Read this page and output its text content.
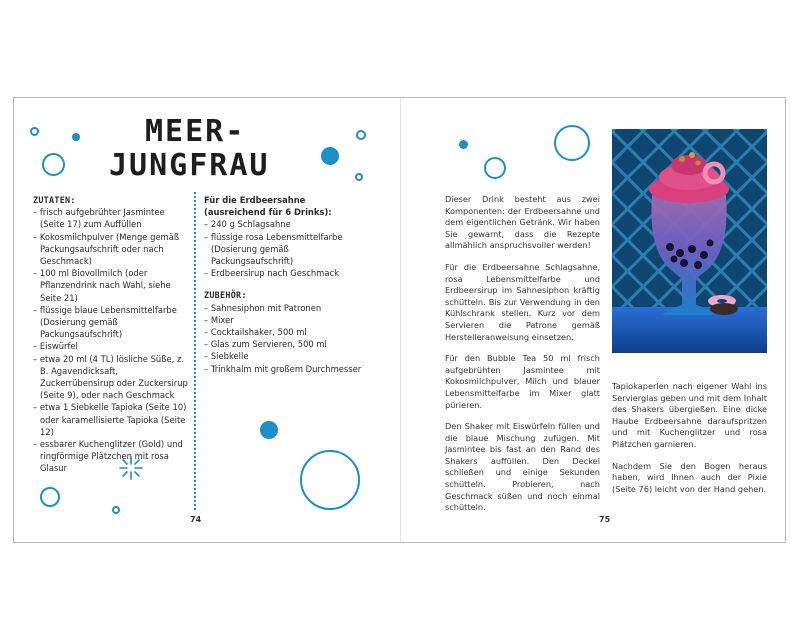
MEER-
JUNGFRAU
ZUTATEN:
– frisch aufgebrühter Jasmintee (Seite 17) zum Auffüllen
– Kokosmilchpulver (Menge gemäß Packungsaufschrift oder nach Geschmack)
– 100 ml Biovollmilch (oder Pflanzendrink nach Wahl, siehe Seite 21)
– flüssige blaue Lebensmittelfarbe (Dosierung gemäß Packungsaufschrift)
– Eiswürfel
– etwa 20 ml (4 TL) lösliche Süße, z. B. Agavendicksaft, Zuckerrübensirup oder Zuckersirup (Seite 9), oder nach Geschmack
– etwa 1 Siebkelle Tapioka (Seite 10) oder karamellisierte Tapioka (Seite 12)
– essbarer Kuchenglitzer (Gold) und ringförmige Plätzchen mit rosa Glasur
Für die Erdbeersahne (ausreichend für 6 Drinks):
– 240 g Schlagsahne
– flüssige rosa Lebensmittelfarbe (Dosierung gemäß Packungsaufschrift)
– Erdbeersirup nach Geschmack
ZUBEHÖR:
– Sahnesiphon mit Patronen
– Mixer
– Cocktailshaker, 500 ml
– Glas zum Servieren, 500 ml
– Siebkelle
– Trinkhalm mit großem Durchmesser
74

Dieser Drink besteht aus zwei Komponenten: der Erdbeersahne und dem eigentlichen Getränk. Wir haben Sie gewarnt, dass die Rezepte allmählich anspruchsvoller werden!

Für die Erdbeersahne Schlagsahne, rosa Lebensmittelfarbe und Erdbeersirup im Sahnesiphon kräftig schütteln. Bis zur Verwendung in den Kühlschrank stellen. Kurz vor dem Servieren die Patrone gemäß Herstelleranweisung einsetzen.

Für den Bubble Tea 50 ml frisch aufgebrühten Jasmintee mit Kokosmilchpulver, Milch und blauer Lebensmittelfarbe im Mixer glatt pürieren.

Den Shaker mit Eiswürfeln füllen und die blaue Mischung zufügen. Mit Jasmintee bis fast an den Rand des Shakers auffüllen. Den Deckel schließen und einige Sekunden schütteln. Probieren, nach Geschmack süßen und noch einmal schütteln.

Tapiokaperlen nach eigener Wahl ins Servierglas geben und mit dem Inhalt des Shakers übergießen. Eine dicke Haube Erdbeersahne daraufspritzen und mit Kuchenglitzer und rosa Plätzchen garnieren.

Nachdem Sie den Bogen heraus haben, wird Ihnen auch der Pixie (Seite 76) leicht von der Hand gehen.

75
